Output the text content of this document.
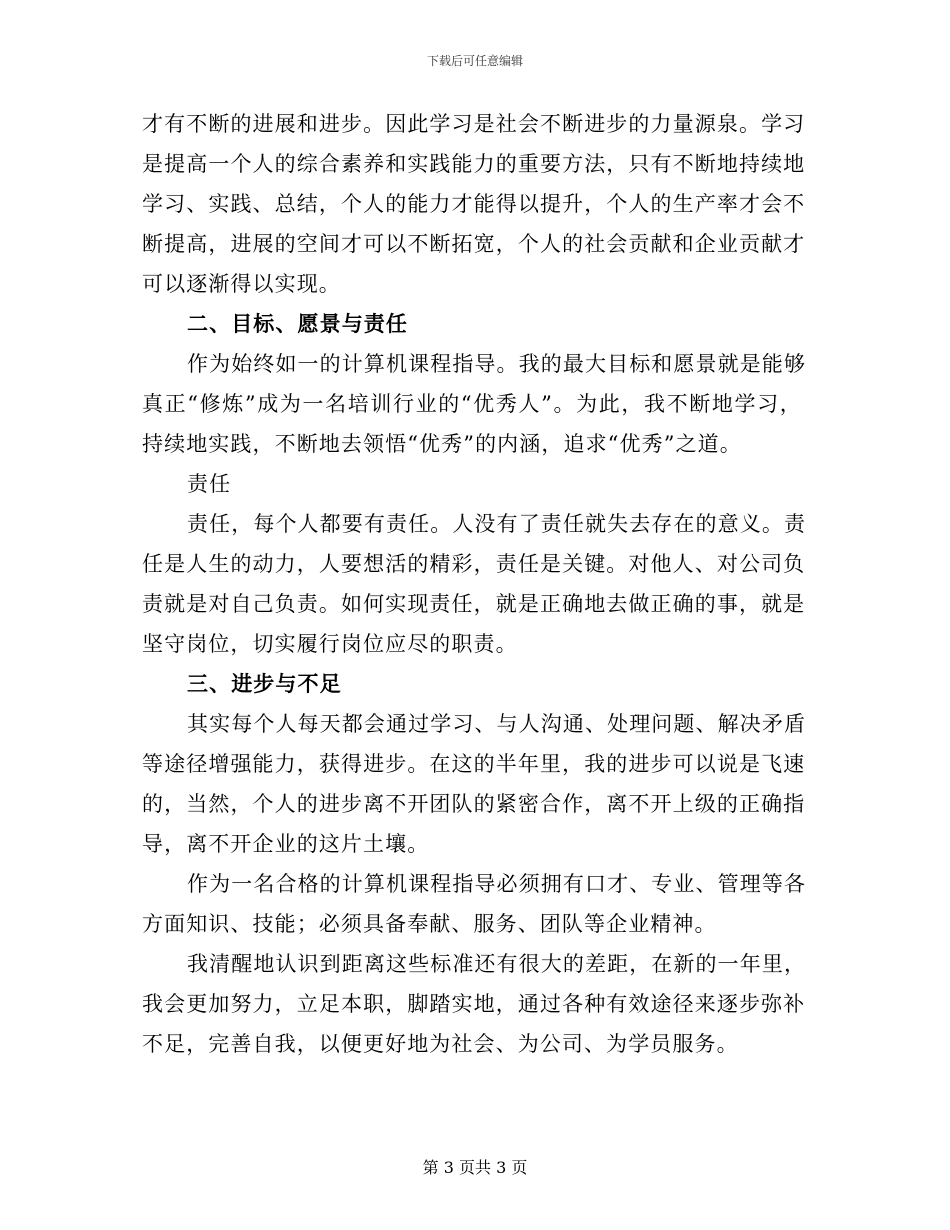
下载后可任意编辑
才 有 不 断 的 进 展 和 进 步 。 因 此 学 习 是 社 会 不 断 进 步 的 力 量 源 泉 。 学 习
是 提 高 一 个 人 的 综 合 素 养 和 实 践 能 力 的 重 要 方 法 ， 只 有 不 断 地 持 续 地
学 习 、 实 践 、 总 结 ， 个 人 的 能 力 才 能 得 以 提 升 ， 个 人 的 生 产 率 才 会 不
断 提 高 ， 进 展 的 空 间 才 可 以 不 断 拓 宽 ， 个 人 的 社 会 贡 献 和 企 业 贡 献 才
可以逐渐得以实现。
二、目标、愿景与责任
作 为 始 终 如 一 的 计 算 机 课 程 指 导 。 我 的 最 大 目 标 和 愿 景 就 是 能 够
真 正 “ 修 炼 ” 成 为 一 名 培 训 行 业 的 “ 优 秀 人 ” 。 为 此 ， 我 不 断 地 学 习 ，
持续地实践，不断地去领悟“优秀”的内涵，追求“优秀”之道。
责任
责 任 ， 每 个 人 都 要 有 责 任 。 人 没 有 了 责 任 就 失 去 存 在 的 意 义 。 责
任 是 人 生 的 动 力 ， 人 要 想 活 的 精 彩 ， 责 任 是 关 键 。 对 他 人 、 对 公 司 负
责 就 是 对 自 己 负 责 。 如 何 实 现 责 任 ， 就 是 正 确 地 去 做 正 确 的 事 ， 就 是
坚守岗位，切实履行岗位应尽的职责。
三、进步与不足
其 实 每 个 人 每 天 都 会 通 过 学 习 、 与 人 沟 通 、 处 理 问 题 、 解 决 矛 盾
等 途 径 增 强 能 力 ， 获 得 进 步 。 在 这 的 半 年 里 ， 我 的 进 步 可 以 说 是 飞 速
的 ， 当 然 ， 个 人 的 进 步 离 不 开 团 队 的 紧 密 合 作 ， 离 不 开 上 级 的 正 确 指
导，离不开企业的这片土壤。
作 为 一 名 合 格 的 计 算 机 课 程 指 导 必 须 拥 有 口 才 、 专 业 、 管 理 等 各
方面知识、技能；必须具备奉献、服务、团队等企业精神。
我 清 醒 地 认 识 到 距 离 这 些 标 准 还 有 很 大 的 差 距 ， 在 新 的 一 年 里 ，
我 会 更 加 努 力 ， 立 足 本 职 ， 脚 踏 实 地 ， 通 过 各 种 有 效 途 径 来 逐 步 弥 补
不足，完善自我，以便更好地为社会、为公司、为学员服务。
第 3 页共 3 页
